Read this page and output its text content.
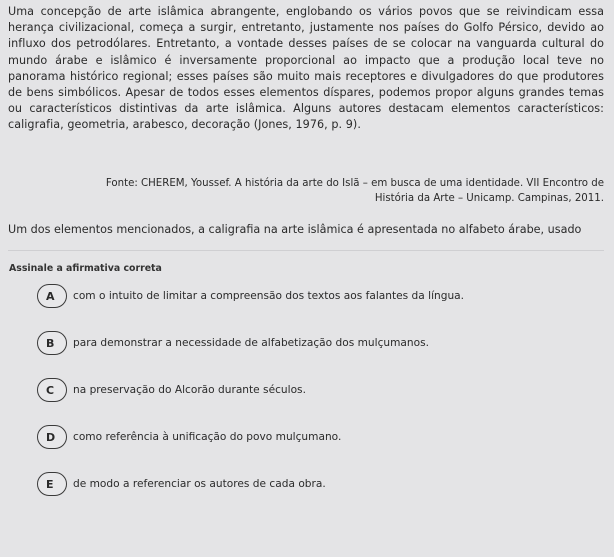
Uma concepção de arte islâmica abrangente, englobando os vários povos que se reivindicam essa herança civilizacional, começa a surgir, entretanto, justamente nos países do Golfo Pérsico, devido ao influxo dos petrodólares. Entretanto, a vontade desses países de se colocar na vanguarda cultural do mundo árabe e islâmico é inversamente proporcional ao impacto que a produção local teve no panorama histórico regional; esses países são muito mais receptores e divulgadores do que produtores de bens simbólicos. Apesar de todos esses elementos díspares, podemos propor alguns grandes temas ou característicos distintivas da arte islâmica. Alguns autores destacam elementos característicos: caligrafia, geometria, arabesco, decoração (Jones, 1976, p. 9).

Fonte: CHEREM, Youssef. A história da arte do Islã – em busca de uma identidade. VII Encontro de
História da Arte – Unicamp. Campinas, 2011.

Um dos elementos mencionados, a caligrafia na arte islâmica é apresentada no alfabeto árabe, usado

Assinale a afirmativa correta
A	com o intuito de limitar a compreensão dos textos aos falantes da língua.
B	para demonstrar a necessidade de alfabetização dos mulçumanos.
C	na preservação do Alcorão durante séculos.
D	como referência à unificação do povo mulçumano.
E	de modo a referenciar os autores de cada obra.
